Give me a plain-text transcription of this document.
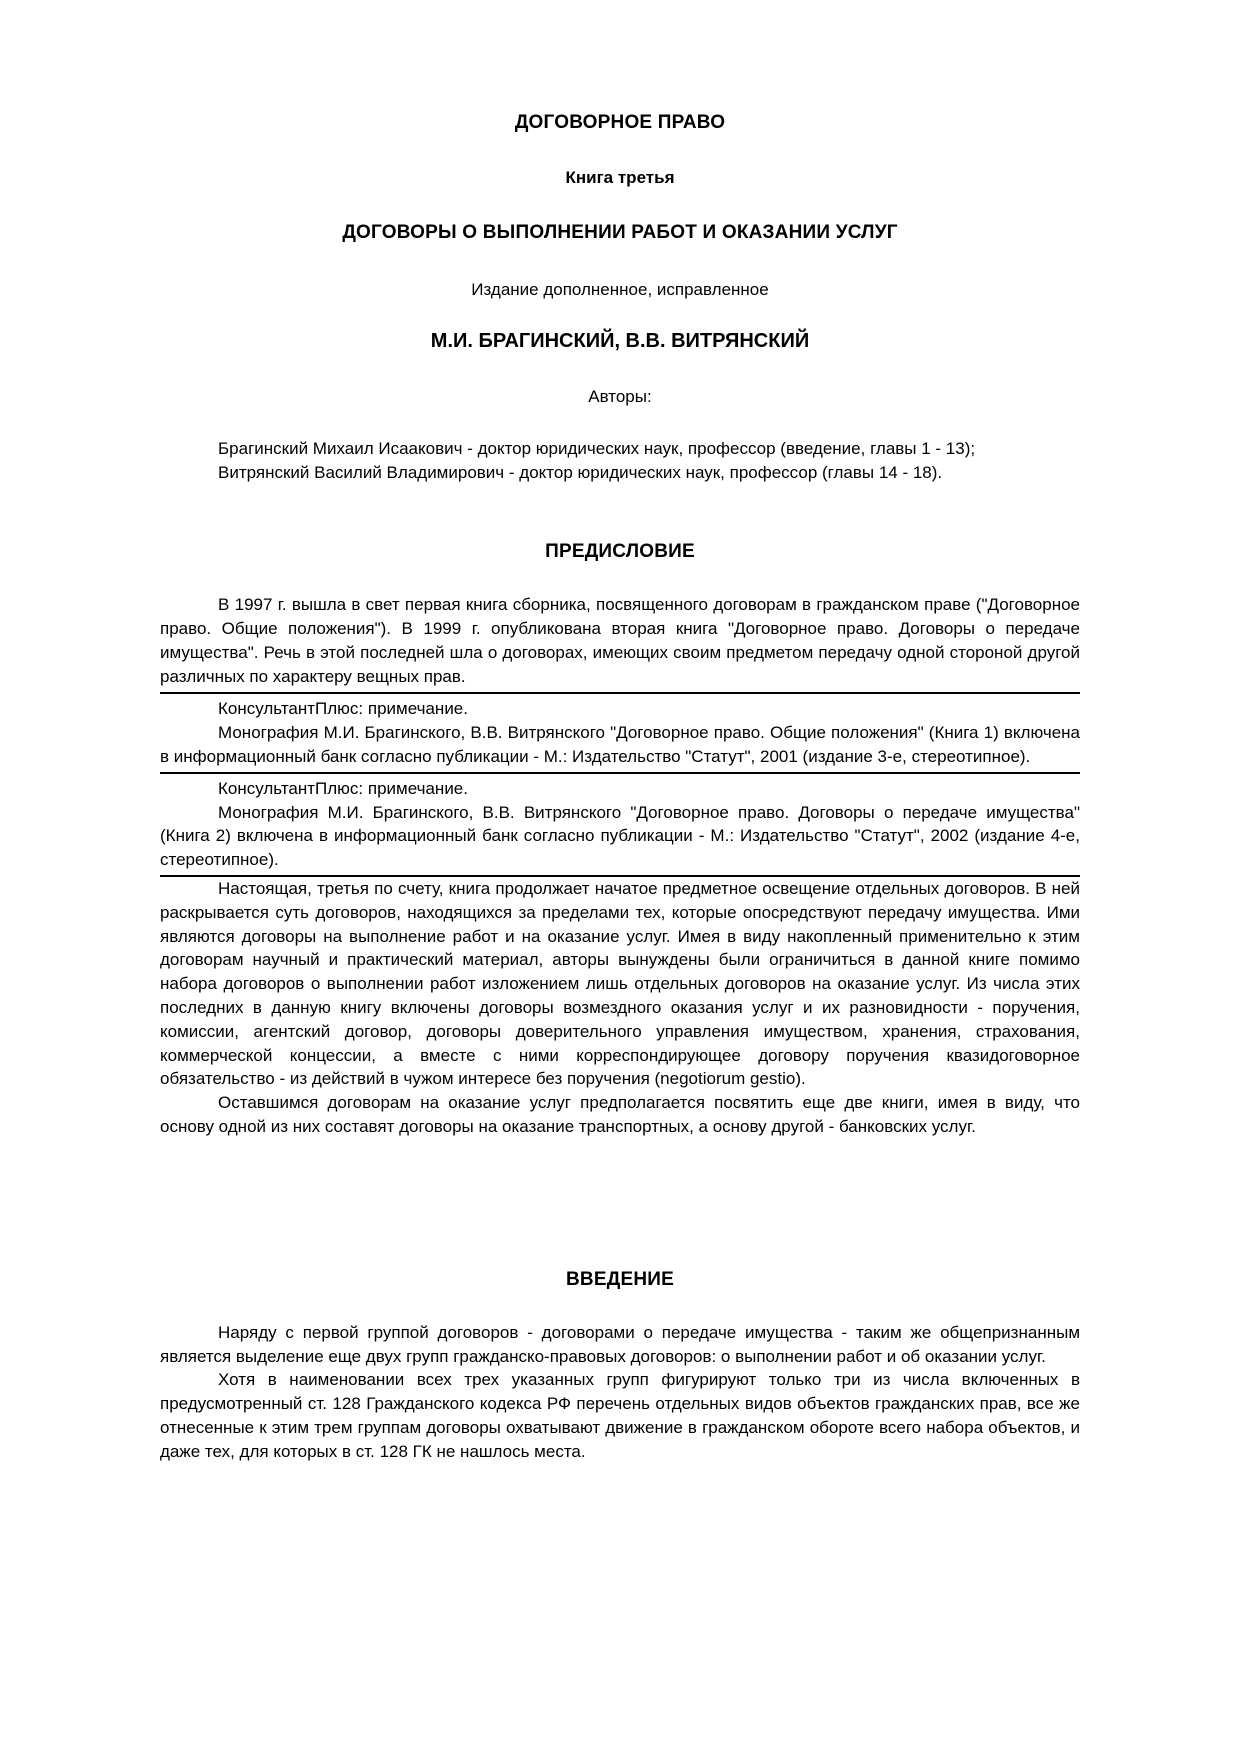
ДОГОВОРНОЕ ПРАВО
Книга третья
ДОГОВОРЫ О ВЫПОЛНЕНИИ РАБОТ И ОКАЗАНИИ УСЛУГ
Издание дополненное, исправленное
М.И. БРАГИНСКИЙ, В.В. ВИТРЯНСКИЙ
Авторы:

Брагинский Михаил Исаакович - доктор юридических наук, профессор (введение, главы 1 - 13);

Витрянский Василий Владимирович - доктор юридических наук, профессор (главы 14 - 18).

ПРЕДИСЛОВИЕ

В 1997 г. вышла в свет первая книга сборника, посвященного договорам в гражданском праве ("Договорное право. Общие положения"). В 1999 г. опубликована вторая книга "Договорное право. Договоры о передаче имущества". Речь в этой последней шла о договорах, имеющих своим предметом передачу одной стороной другой различных по характеру вещных прав.

КонсультантПлюс: примечание.

Монография М.И. Брагинского, В.В. Витрянского "Договорное право. Общие положения" (Книга 1) включена в информационный банк согласно публикации - М.: Издательство "Статут", 2001 (издание 3-е, стереотипное).

КонсультантПлюс: примечание.

Монография М.И. Брагинского, В.В. Витрянского "Договорное право. Договоры о передаче имущества" (Книга 2) включена в информационный банк согласно публикации - М.: Издательство "Статут", 2002 (издание 4-е, стереотипное).

Настоящая, третья по счету, книга продолжает начатое предметное освещение отдельных договоров. В ней раскрывается суть договоров, находящихся за пределами тех, которые опосредствуют передачу имущества. Ими являются договоры на выполнение работ и на оказание услуг. Имея в виду накопленный применительно к этим договорам научный и практический материал, авторы вынуждены были ограничиться в данной книге помимо набора договоров о выполнении работ изложением лишь отдельных договоров на оказание услуг. Из числа этих последних в данную книгу включены договоры возмездного оказания услуг и их разновидности - поручения, комиссии, агентский договор, договоры доверительного управления имуществом, хранения, страхования, коммерческой концессии, а вместе с ними корреспондирующее договору поручения квазидоговорное обязательство - из действий в чужом интересе без поручения (negotiorum gestio).

Оставшимся договорам на оказание услуг предполагается посвятить еще две книги, имея в виду, что основу одной из них составят договоры на оказание транспортных, а основу другой - банковских услуг.

ВВЕДЕНИЕ

Наряду с первой группой договоров - договорами о передаче имущества - таким же общепризнанным является выделение еще двух групп гражданско-правовых договоров: о выполнении работ и об оказании услуг.

Хотя в наименовании всех трех указанных групп фигурируют только три из числа включенных в предусмотренный ст. 128 Гражданского кодекса РФ перечень отдельных видов объектов гражданских прав, все же отнесенные к этим трем группам договоры охватывают движение в гражданском обороте всего набора объектов, и даже тех, для которых в ст. 128 ГК не нашлось места.
